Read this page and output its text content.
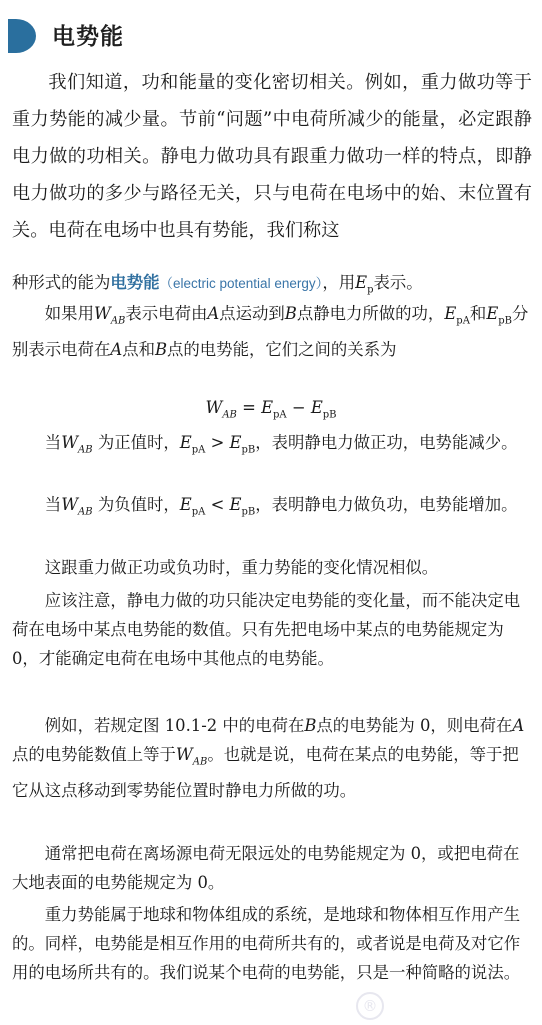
电势能

我们知道，功和能量的变化密切相关。例如，重力做功等于重力势能的减少量。节前“问题”中电荷所减少的能量，必定跟静电力做的功相关。静电力做功具有跟重力做功一样的特点，即静电力做功的多少与路径无关，只与电荷在电场中的始、末位置有关。电荷在电场中也具有势能，我们称这

种形式的能为电势能（electric potential energy），用$E_p$表示。

如果用$W_{AB}$表示电荷由A点运动到B点静电力所做的功，$E_{pA}$和$E_{pB}$分别表示电荷在A点和B点的电势能，它们之间的关系为

$W_{AB} = E_{pA} - E_{pB}$

当$W_{AB}$ 为正值时，$E_{pA} > E_{pB}$，表明静电力做正功，电势能减少。

当$W_{AB}$ 为负值时，$E_{pA} < E_{pB}$，表明静电力做负功，电势能增加。

这跟重力做正功或负功时，重力势能的变化情况相似。

应该注意，静电力做的功只能决定电势能的变化量，而不能决定电荷在电场中某点电势能的数值。只有先把电场中某点的电势能规定为 0，才能确定电荷在电场中其他点的电势能。

例如，若规定图 10.1-2 中的电荷在B点的电势能为 0，则电荷在A点的电势能数值上等于$W_{AB}$。也就是说，电荷在某点的电势能，等于把它从这点移动到零势能位置时静电力所做的功。

通常把电荷在离场源电荷无限远处的电势能规定为 0，或把电荷在大地表面的电势能规定为 0。

重力势能属于地球和物体组成的系统，是地球和物体相互作用产生的。同样，电势能是相互作用的电荷所共有的，或者说是电荷及对它作用的电场所共有的。我们说某个电荷的电势能，只是一种简略的说法。

®
